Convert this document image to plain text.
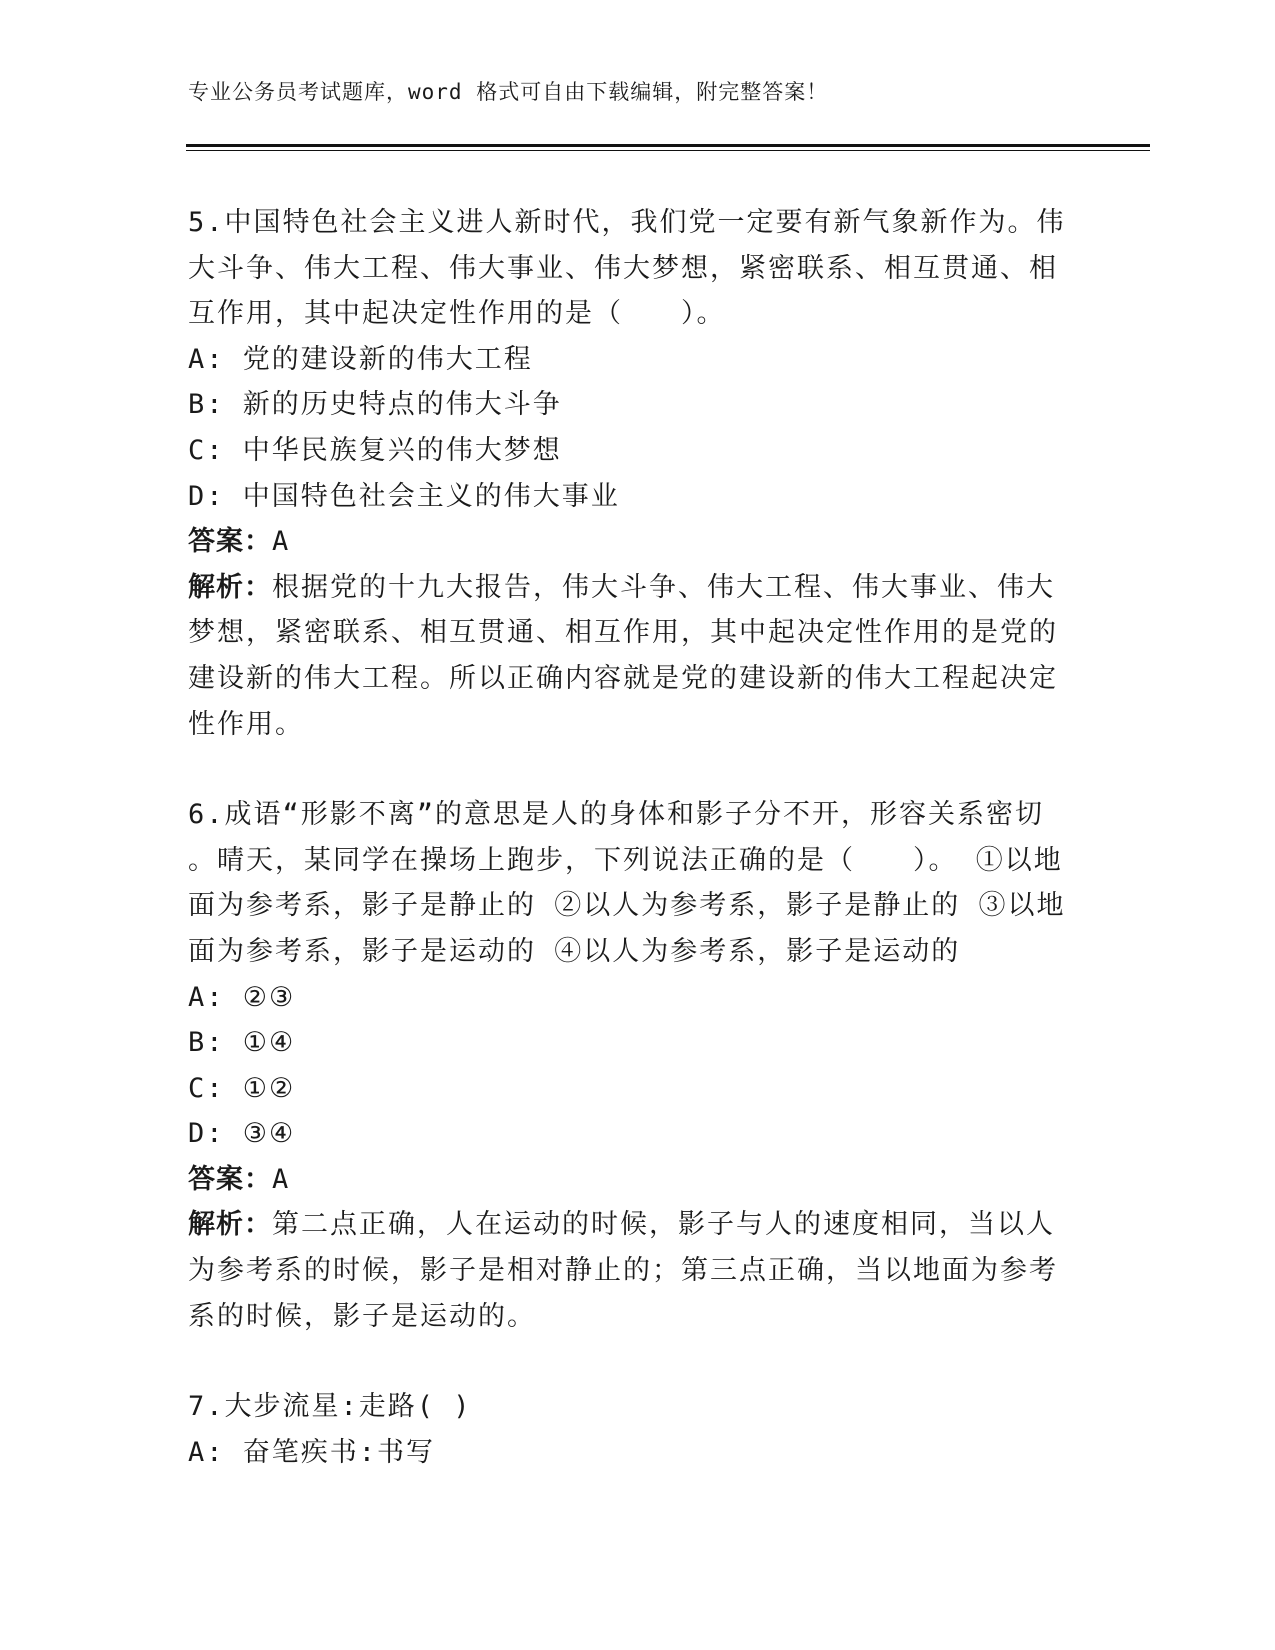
专业公务员考试题库，word 格式可自由下载编辑，附完整答案！
5.中国特色社会主义进人新时代，我们党一定要有新气象新作为。伟
大斗争、伟大工程、伟大事业、伟大梦想，紧密联系、相互贯通、相
互作用，其中起决定性作用的是（　　）。
A: 党的建设新的伟大工程
B: 新的历史特点的伟大斗争
C: 中华民族复兴的伟大梦想
D: 中国特色社会主义的伟大事业
答案：A
解析：根据党的十九大报告，伟大斗争、伟大工程、伟大事业、伟大
梦想，紧密联系、相互贯通、相互作用，其中起决定性作用的是党的
建设新的伟大工程。所以正确内容就是党的建设新的伟大工程起决定
性作用。
6.成语“形影不离”的意思是人的身体和影子分不开，形容关系密切
。晴天，某同学在操场上跑步，下列说法正确的是（　　）。 ①以地
面为参考系，影子是静止的 ②以人为参考系，影子是静止的 ③以地
面为参考系，影子是运动的 ④以人为参考系，影子是运动的
A: ②③
B: ①④
C: ①②
D: ③④
答案：A
解析：第二点正确，人在运动的时候，影子与人的速度相同，当以人
为参考系的时候，影子是相对静止的；第三点正确，当以地面为参考
系的时候，影子是运动的。
7.大步流星:走路( )
A: 奋笔疾书:书写
